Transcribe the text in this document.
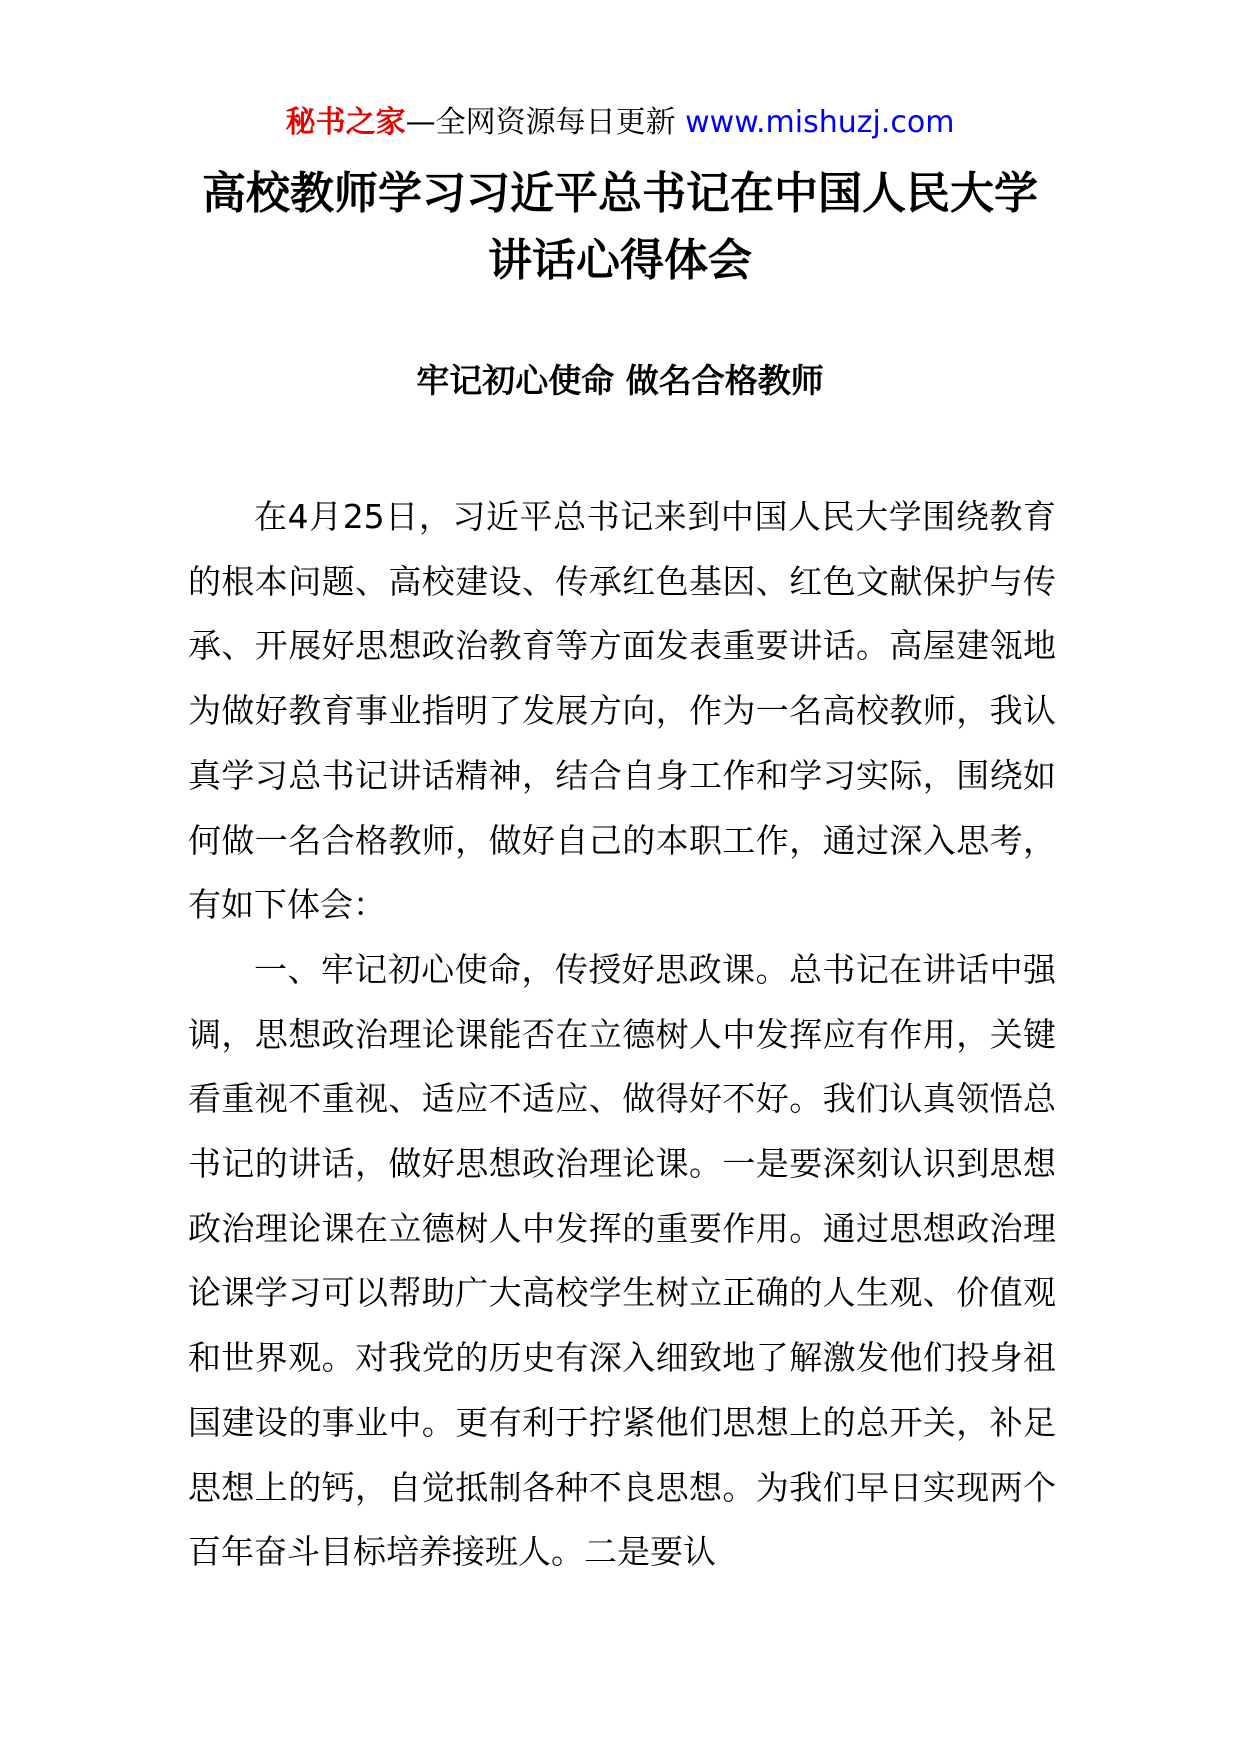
秘书之家—全网资源每日更新 www.mishuzj.com
高校教师学习习近平总书记在中国人民大学讲话心得体会
牢记初心使命 做名合格教师

在4月25日，习近平总书记来到中国人民大学围绕教育的根本问题、高校建设、传承红色基因、红色文献保护与传承、开展好思想政治教育等方面发表重要讲话。高屋建瓴地为做好教育事业指明了发展方向，作为一名高校教师，我认真学习总书记讲话精神，结合自身工作和学习实际，围绕如何做一名合格教师，做好自己的本职工作，通过深入思考，有如下体会：

一、牢记初心使命，传授好思政课。总书记在讲话中强调，思想政治理论课能否在立德树人中发挥应有作用，关键看重视不重视、适应不适应、做得好不好。我们认真领悟总书记的讲话，做好思想政治理论课。一是要深刻认识到思想政治理论课在立德树人中发挥的重要作用。通过思想政治理论课学习可以帮助广大高校学生树立正确的人生观、价值观和世界观。对我党的历史有深入细致地了解激发他们投身祖国建设的事业中。更有利于拧紧他们思想上的总开关，补足思想上的钙，自觉抵制各种不良思想。为我们早日实现两个百年奋斗目标培养接班人。二是要认
